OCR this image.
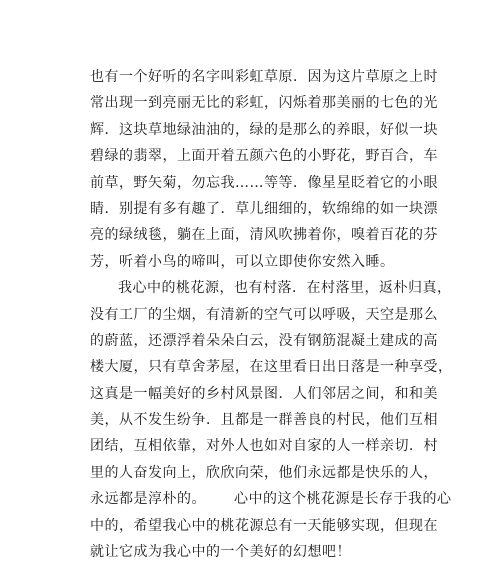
也有一个好听的名字叫彩虹草原．因为这片草原之上时
常出现一到亮丽无比的彩虹，闪烁着那美丽的七色的光
辉．这块草地绿油油的，绿的是那么的养眼，好似一块
碧绿的翡翠，上面开着五颜六色的小野花，野百合，车
前草，野矢菊，勿忘我……等等．像星星眨着它的小眼
睛．别提有多有趣了．草儿细细的，软绵绵的如一块漂
亮的绿绒毯，躺在上面，清风吹拂着你，嗅着百花的芬
芳，听着小鸟的啼叫，可以立即使你安然入睡。
我心中的桃花源，也有村落．在村落里，返朴归真，
没有工厂的尘烟，有清新的空气可以呼吸，天空是那么
的蔚蓝，还漂浮着朵朵白云，没有钢筋混凝土建成的高
楼大厦，只有草舍茅屋，在这里看日出日落是一种享受，
这真是一幅美好的乡村风景图．人们邻居之间，和和美
美，从不发生纷争．且都是一群善良的村民，他们互相
团结，互相依靠，对外人也如对自家的人一样亲切．村
里的人奋发向上，欣欣向荣，他们永远都是快乐的人，
永远都是淳朴的。 心中的这个桃花源是长存于我的心
中的，希望我心中的桃花源总有一天能够实现，但现在
就让它成为我心中的一个美好的幻想吧！
